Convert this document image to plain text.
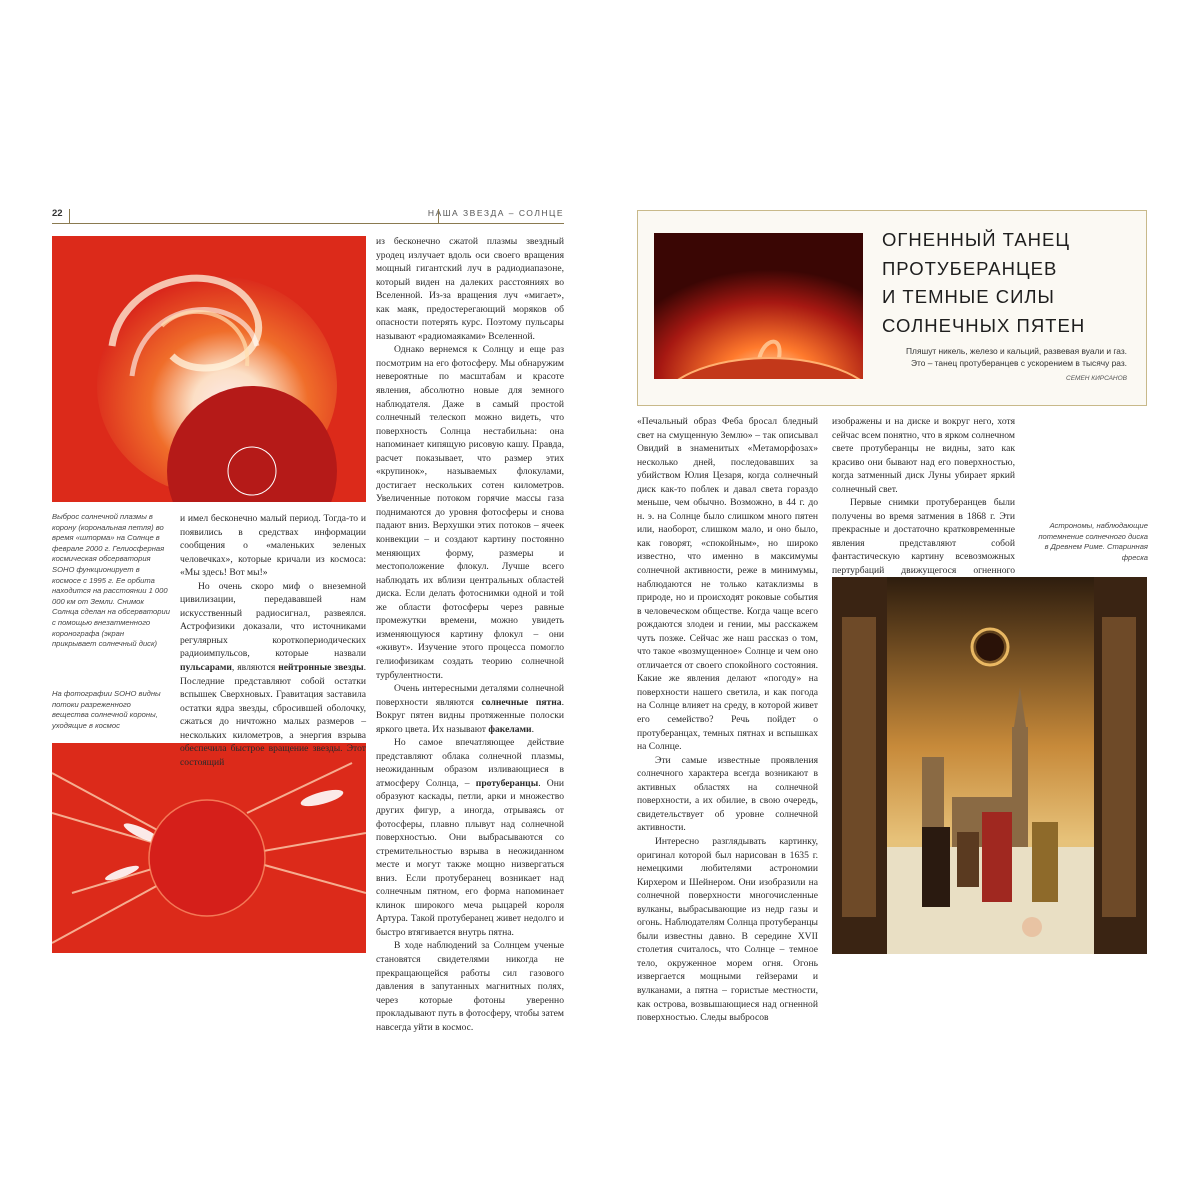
22	НАША ЗВЕЗДА – СОЛНЦЕ
Выброс солнечной плазмы в корону (корональная петля) во время «шторма» на Солнце в феврале 2000 г. Гелиосферная космическая обсерватория SOHO функционирует в космосе с 1995 г. Ее орбита находится на расстоянии 1 000 000 км от Земли. Снимок Солнца сделан на обсерватории с помощью внезатменного коронографа (экран прикрывает солнечный диск)
На фотографии SOHO видны потоки разреженного вещества солнечной короны, уходящие в космос

и имел бесконечно малый период. Тогда-то и появились в средствах информации сообщения о «маленьких зеленых человечках», которые кричали из космоса: «Мы здесь! Вот мы!»

Но очень скоро миф о внеземной цивилизации, передававшей нам искусственный радиосигнал, развеялся. Астрофизики доказали, что источниками регулярных короткопериодических радиоимпульсов, которые назвали пульсарами, являются нейтронные звезды. Последние представляют собой остатки вспышек Сверхновых. Гравитация заставила остатки ядра звезды, сбросившей оболочку, сжаться до ничтожно малых размеров – нескольких километров, а энергия взрыва обеспечила быстрое вращение звезды. Этот состоящий

из бесконечно сжатой плазмы звездный уродец излучает вдоль оси своего вращения мощный гигантский луч в радиодиапазоне, который виден на далеких расстояниях во Вселенной. Из-за вращения луч «мигает», как маяк, предостерегающий моряков об опасности потерять курс. Поэтому пульсары называют «радиомаяками» Вселенной.

Однако вернемся к Солнцу и еще раз посмотрим на его фотосферу. Мы обнаружим невероятные по масштабам и красоте явления, абсолютно новые для земного наблюдателя. Даже в самый простой солнечный телескоп можно видеть, что поверхность Солнца нестабильна: она напоминает кипящую рисовую кашу. Правда, расчет показывает, что размер этих «крупинок», называемых флокулами, достигает нескольких сотен километров. Увеличенные потоком горячие массы газа поднимаются до уровня фотосферы и снова падают вниз. Верхушки этих потоков – ячеек конвекции – и создают картину постоянно меняющих форму, размеры и местоположение флокул. Лучше всего наблюдать их вблизи центральных областей диска. Если делать фотоснимки одной и той же области фотосферы через равные промежутки времени, можно увидеть изменяющуюся картину флокул – они «живут». Изучение этого процесса помогло гелиофизикам создать теорию солнечной турбулентности.

Очень интересными деталями солнечной поверхности являются солнечные пятна. Вокруг пятен видны протяженные полоски яркого цвета. Их называют факелами.

Но самое впечатляющее действие представляют облака солнечной плазмы, неожиданным образом изливающиеся в атмосферу Солнца, – протуберанцы. Они образуют каскады, петли, арки и множество других фигур, а иногда, отрываясь от фотосферы, плавно плывут над солнечной поверхностью. Они выбрасываются со стремительностью взрыва в неожиданном месте и могут также мощно низвергаться вниз. Если протуберанец возникает над солнечным пятном, его форма напоминает клинок широкого меча рыцарей короля Артура. Такой протуберанец живет недолго и быстро втягивается внутрь пятна.

В ходе наблюдений за Солнцем ученые становятся свидетелями никогда не прекращающейся работы сил газового давления в запутанных магнитных полях, через которые фотоны уверенно прокладывают путь в фотосферу, чтобы затем навсегда уйти в космос.

ОГНЕННЫЙ ТАНЕЦ
ПРОТУБЕРАНЦЕВ
И ТЕМНЫЕ СИЛЫ
СОЛНЕЧНЫХ ПЯТЕН
Пляшут никель, железо и кальций, развевая вуали и газ.
Это – танец протуберанцев с ускорением в тысячу раз.
СЕМЕН КИРСАНОВ

«Печальный образ Феба бросал бледный свет на смущенную Землю» – так описывал Овидий в знаменитых «Метаморфозах» несколько дней, последовавших за убийством Юлия Цезаря, когда солнечный диск как-то поблек и давал света гораздо меньше, чем обычно. Возможно, в 44 г. до н. э. на Солнце было слишком много пятен или, наоборот, слишком мало, и оно было, как говорят, «спокойным», но широко известно, что именно в максимумы солнечной активности, реже в минимумы, наблюдаются не только катаклизмы в природе, но и происходят роковые события в человеческом обществе. Когда чаще всего рождаются злодеи и гении, мы расскажем чуть позже. Сейчас же наш рассказ о том, что такое «возмущенное» Солнце и чем оно отличается от своего спокойного состояния. Какие же явления делают «погоду» на поверхности нашего светила, и как погода на Солнце влияет на среду, в которой живет его семейство? Речь пойдет о протуберанцах, темных пятнах и вспышках на Солнце.

Эти самые известные проявления солнечного характера всегда возникают в активных областях на солнечной поверхности, а их обилие, в свою очередь, свидетельствует об уровне солнечной активности.

Интересно разглядывать картинку, оригинал которой был нарисован в 1635 г. немецкими любителями астрономии Кирхером и Шейнером. Они изобразили на солнечной поверхности многочисленные вулканы, выбрасывающие из недр газы и огонь. Наблюдателям Солнца протуберанцы были известны давно. В середине XVII столетия считалось, что Солнце – темное тело, окруженное морем огня. Огонь извергается мощными гейзерами и вулканами, а пятна – гористые местности, как острова, возвышающиеся над огненной поверхностью. Следы выбросов

изображены и на диске и вокруг него, хотя сейчас всем понятно, что в ярком солнечном свете протуберанцы не видны, зато как красиво они бывают над его поверхностью, когда затменный диск Луны убирает яркий солнечный свет.

Первые снимки протуберанцев были получены во время затмения в 1868 г. Эти прекрасные и достаточно кратковременные явления представляют собой фантастическую картину всевозможных пертурбаций движущегося огненного

Астрономы, наблюдающие потемнение солнечного диска в Древнем Риме. Старинная фреска
